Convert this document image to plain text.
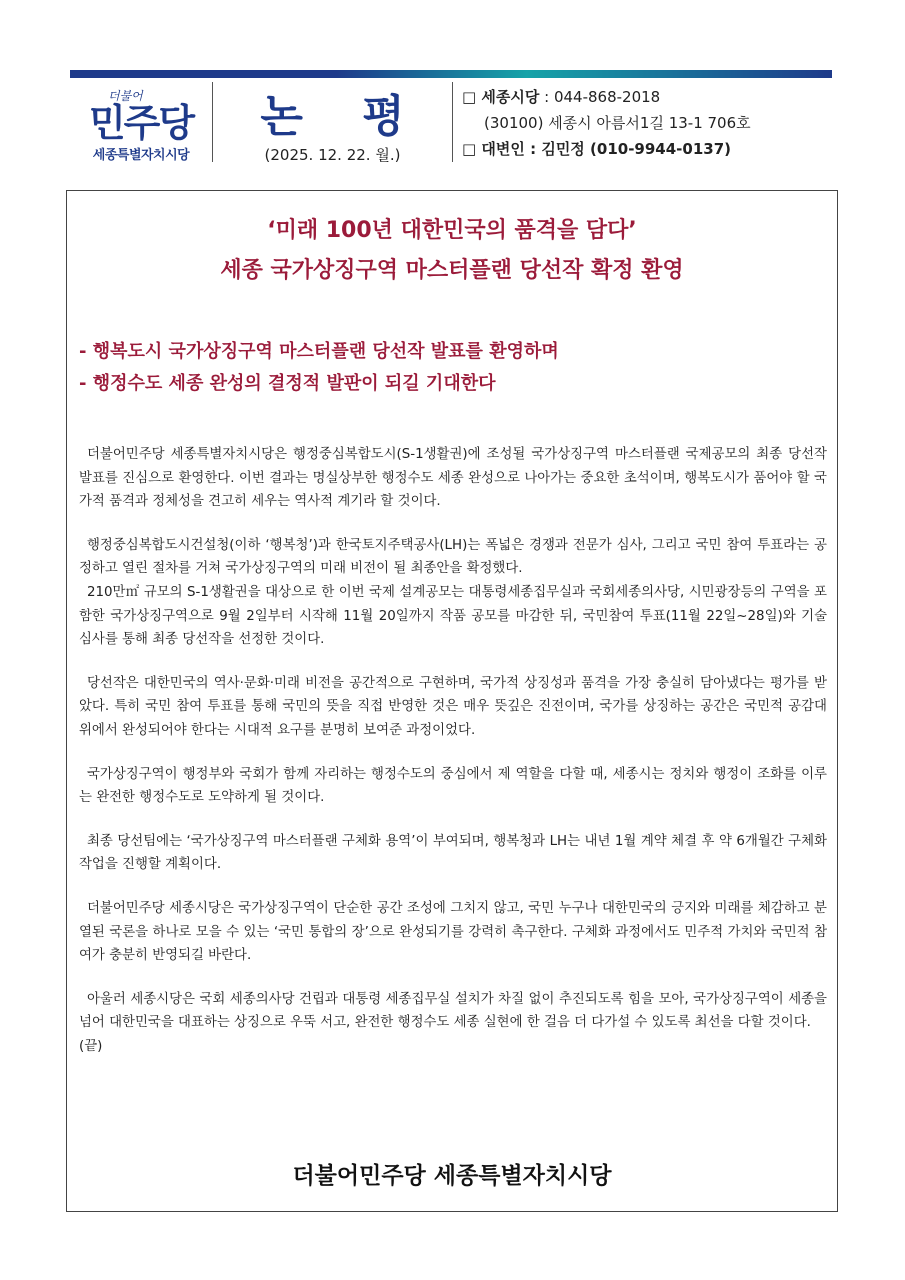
더불어
민주당
세종특별자치시당
논 평
(2025. 12. 22. 월.)
□ 세종시당 : 044-868-2018
(30100) 세종시 아름서1길 13-1 706호
□ 대변인 : 김민정 (010-9944-0137)
‘미래 100년 대한민국의 품격을 담다’
세종 국가상징구역 마스터플랜 당선작 확정 환영
- 행복도시 국가상징구역 마스터플랜 당선작 발표를 환영하며
- 행정수도 세종 완성의 결정적 발판이 되길 기대한다

더불어민주당 세종특별자치시당은 행정중심복합도시(S-1생활권)에 조성될 국가상징구역 마스터플랜 국제공모의 최종 당선작 발표를 진심으로 환영한다. 이번 결과는 명실상부한 행정수도 세종 완성으로 나아가는 중요한 초석이며, 행복도시가 품어야 할 국가적 품격과 정체성을 견고히 세우는 역사적 계기라 할 것이다.

행정중심복합도시건설청(이하 ‘행복청’)과 한국토지주택공사(LH)는 폭넓은 경쟁과 전문가 심사, 그리고 국민 참여 투표라는 공정하고 열린 절차를 거쳐 국가상징구역의 미래 비전이 될 최종안을 확정했다.

210만㎡ 규모의 S-1생활권을 대상으로 한 이번 국제 설계공모는 대통령세종집무실과 국회세종의사당, 시민광장등의 구역을 포함한 국가상징구역으로 9월 2일부터 시작해 11월 20일까지 작품 공모를 마감한 뒤, 국민참여 투표(11월 22일~28일)와 기술 심사를 통해 최종 당선작을 선정한 것이다.

당선작은 대한민국의 역사·문화·미래 비전을 공간적으로 구현하며, 국가적 상징성과 품격을 가장 충실히 담아냈다는 평가를 받았다. 특히 국민 참여 투표를 통해 국민의 뜻을 직접 반영한 것은 매우 뜻깊은 진전이며, 국가를 상징하는 공간은 국민적 공감대 위에서 완성되어야 한다는 시대적 요구를 분명히 보여준 과정이었다.

국가상징구역이 행정부와 국회가 함께 자리하는 행정수도의 중심에서 제 역할을 다할 때, 세종시는 정치와 행정이 조화를 이루는 완전한 행정수도로 도약하게 될 것이다.

최종 당선팀에는 ‘국가상징구역 마스터플랜 구체화 용역’이 부여되며, 행복청과 LH는 내년 1월 계약 체결 후 약 6개월간 구체화 작업을 진행할 계획이다.

더불어민주당 세종시당은 국가상징구역이 단순한 공간 조성에 그치지 않고, 국민 누구나 대한민국의 긍지와 미래를 체감하고 분열된 국론을 하나로 모을 수 있는 ‘국민 통합의 장’으로 완성되기를 강력히 촉구한다. 구체화 과정에서도 민주적 가치와 국민적 참여가 충분히 반영되길 바란다.

아울러 세종시당은 국회 세종의사당 건립과 대통령 세종집무실 설치가 차질 없이 추진되도록 힘을 모아, 국가상징구역이 세종을 넘어 대한민국을 대표하는 상징으로 우뚝 서고, 완전한 행정수도 세종 실현에 한 걸음 더 다가설 수 있도록 최선을 다할 것이다.

(끝)
더불어민주당 세종특별자치시당
